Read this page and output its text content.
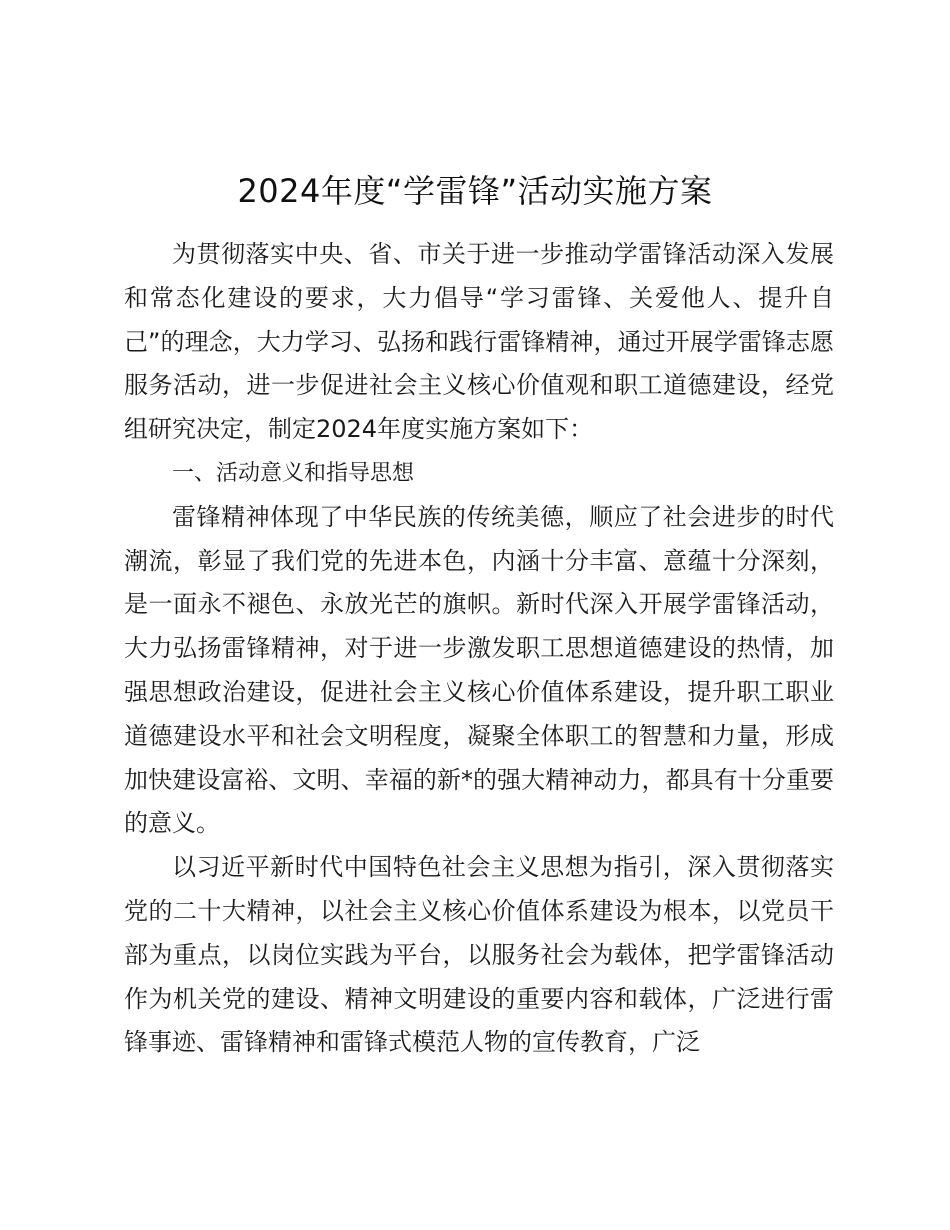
2024年度“学雷锋”活动实施方案

为贯彻落实中央、省、市关于进一步推动学雷锋活动深入发展和常态化建设的要求，大力倡导“学习雷锋、关爱他人、提升自己”的理念，大力学习、弘扬和践行雷锋精神，通过开展学雷锋志愿服务活动，进一步促进社会主义核心价值观和职工道德建设，经党组研究决定，制定2024年度实施方案如下：

一、活动意义和指导思想

雷锋精神体现了中华民族的传统美德，顺应了社会进步的时代潮流，彰显了我们党的先进本色，内涵十分丰富、意蕴十分深刻，是一面永不褪色、永放光芒的旗帜。新时代深入开展学雷锋活动，大力弘扬雷锋精神，对于进一步激发职工思想道德建设的热情，加强思想政治建设，促进社会主义核心价值体系建设，提升职工职业道德建设水平和社会文明程度，凝聚全体职工的智慧和力量，形成加快建设富裕、文明、幸福的新*的强大精神动力，都具有十分重要的意义。

以习近平新时代中国特色社会主义思想为指引，深入贯彻落实党的二十大精神，以社会主义核心价值体系建设为根本，以党员干部为重点，以岗位实践为平台，以服务社会为载体，把学雷锋活动作为机关党的建设、精神文明建设的重要内容和载体，广泛进行雷锋事迹、雷锋精神和雷锋式模范人物的宣传教育，广泛
